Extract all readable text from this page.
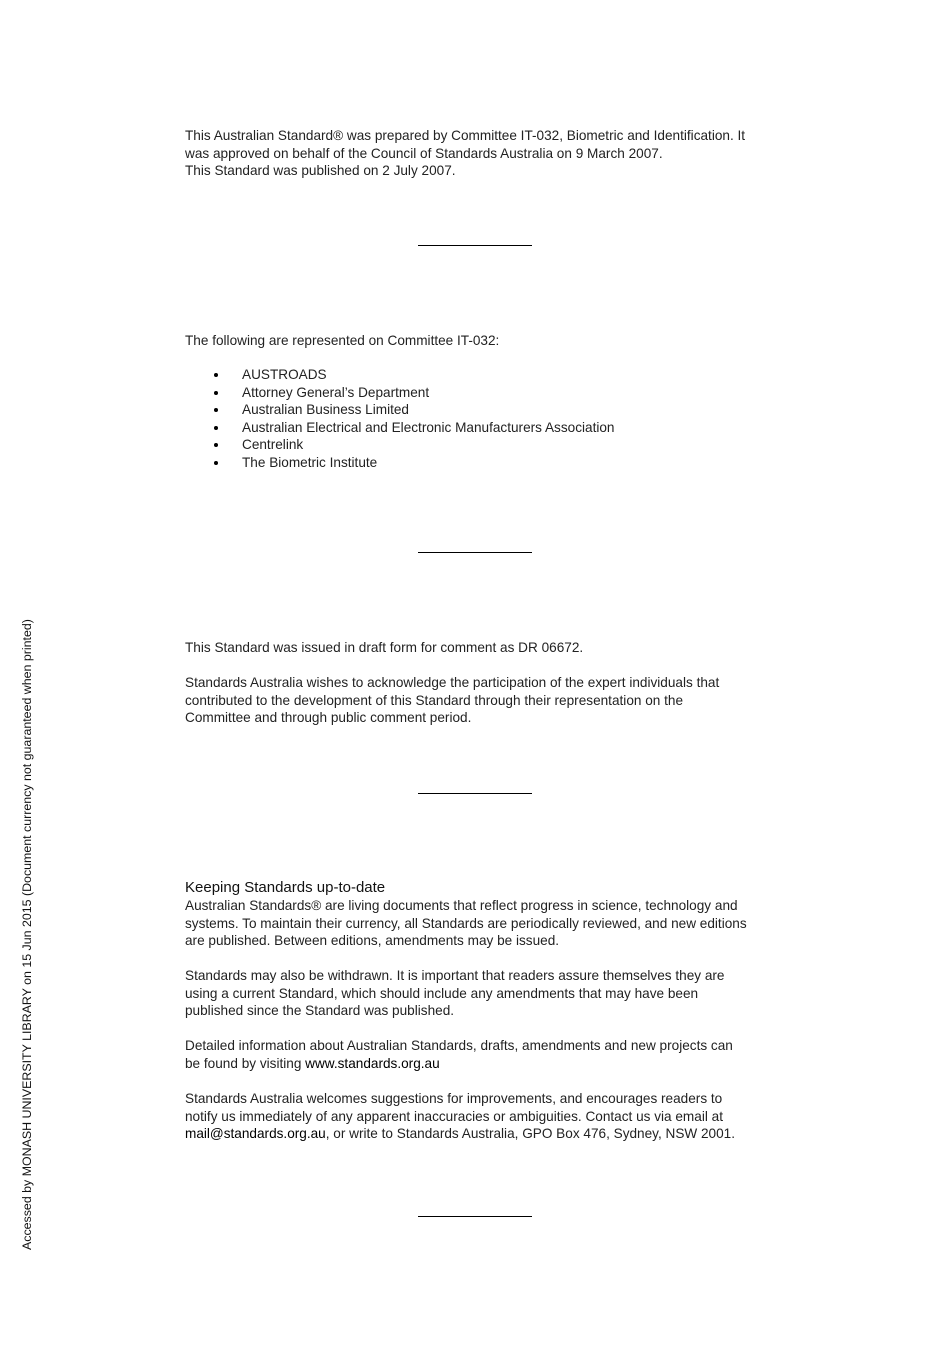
This Australian Standard® was prepared by Committee IT-032, Biometric and Identification. It

was approved on behalf of the Council of Standards Australia on 9 March 2007.

This Standard was published on 2 July 2007.

The following are represented on Committee IT-032:

AUSTROADS
Attorney General’s Department
Australian Business Limited
Australian Electrical and Electronic Manufacturers Association
Centrelink
The Biometric Institute

This Standard was issued in draft form for comment as DR 06672.

Standards Australia wishes to acknowledge the participation of the expert individuals that

contributed to the development of this Standard through their representation on the

Committee and through public comment period.

Keeping Standards up-to-date

Australian Standards® are living documents that reflect progress in science, technology and

systems. To maintain their currency, all Standards are periodically reviewed, and new editions

are published. Between editions, amendments may be issued.

Standards may also be withdrawn. It is important that readers assure themselves they are

using a current Standard, which should include any amendments that may have been

published since the Standard was published.

Detailed information about Australian Standards, drafts, amendments and new projects can

be found by visiting www.standards.org.au

Standards Australia welcomes suggestions for improvements, and encourages readers to

notify us immediately of any apparent inaccuracies or ambiguities. Contact us via email at

mail@standards.org.au, or write to Standards Australia, GPO Box 476, Sydney, NSW 2001.

Accessed by MONASH UNIVERSITY LIBRARY on 15 Jun 2015 (Document currency not guaranteed when printed)
